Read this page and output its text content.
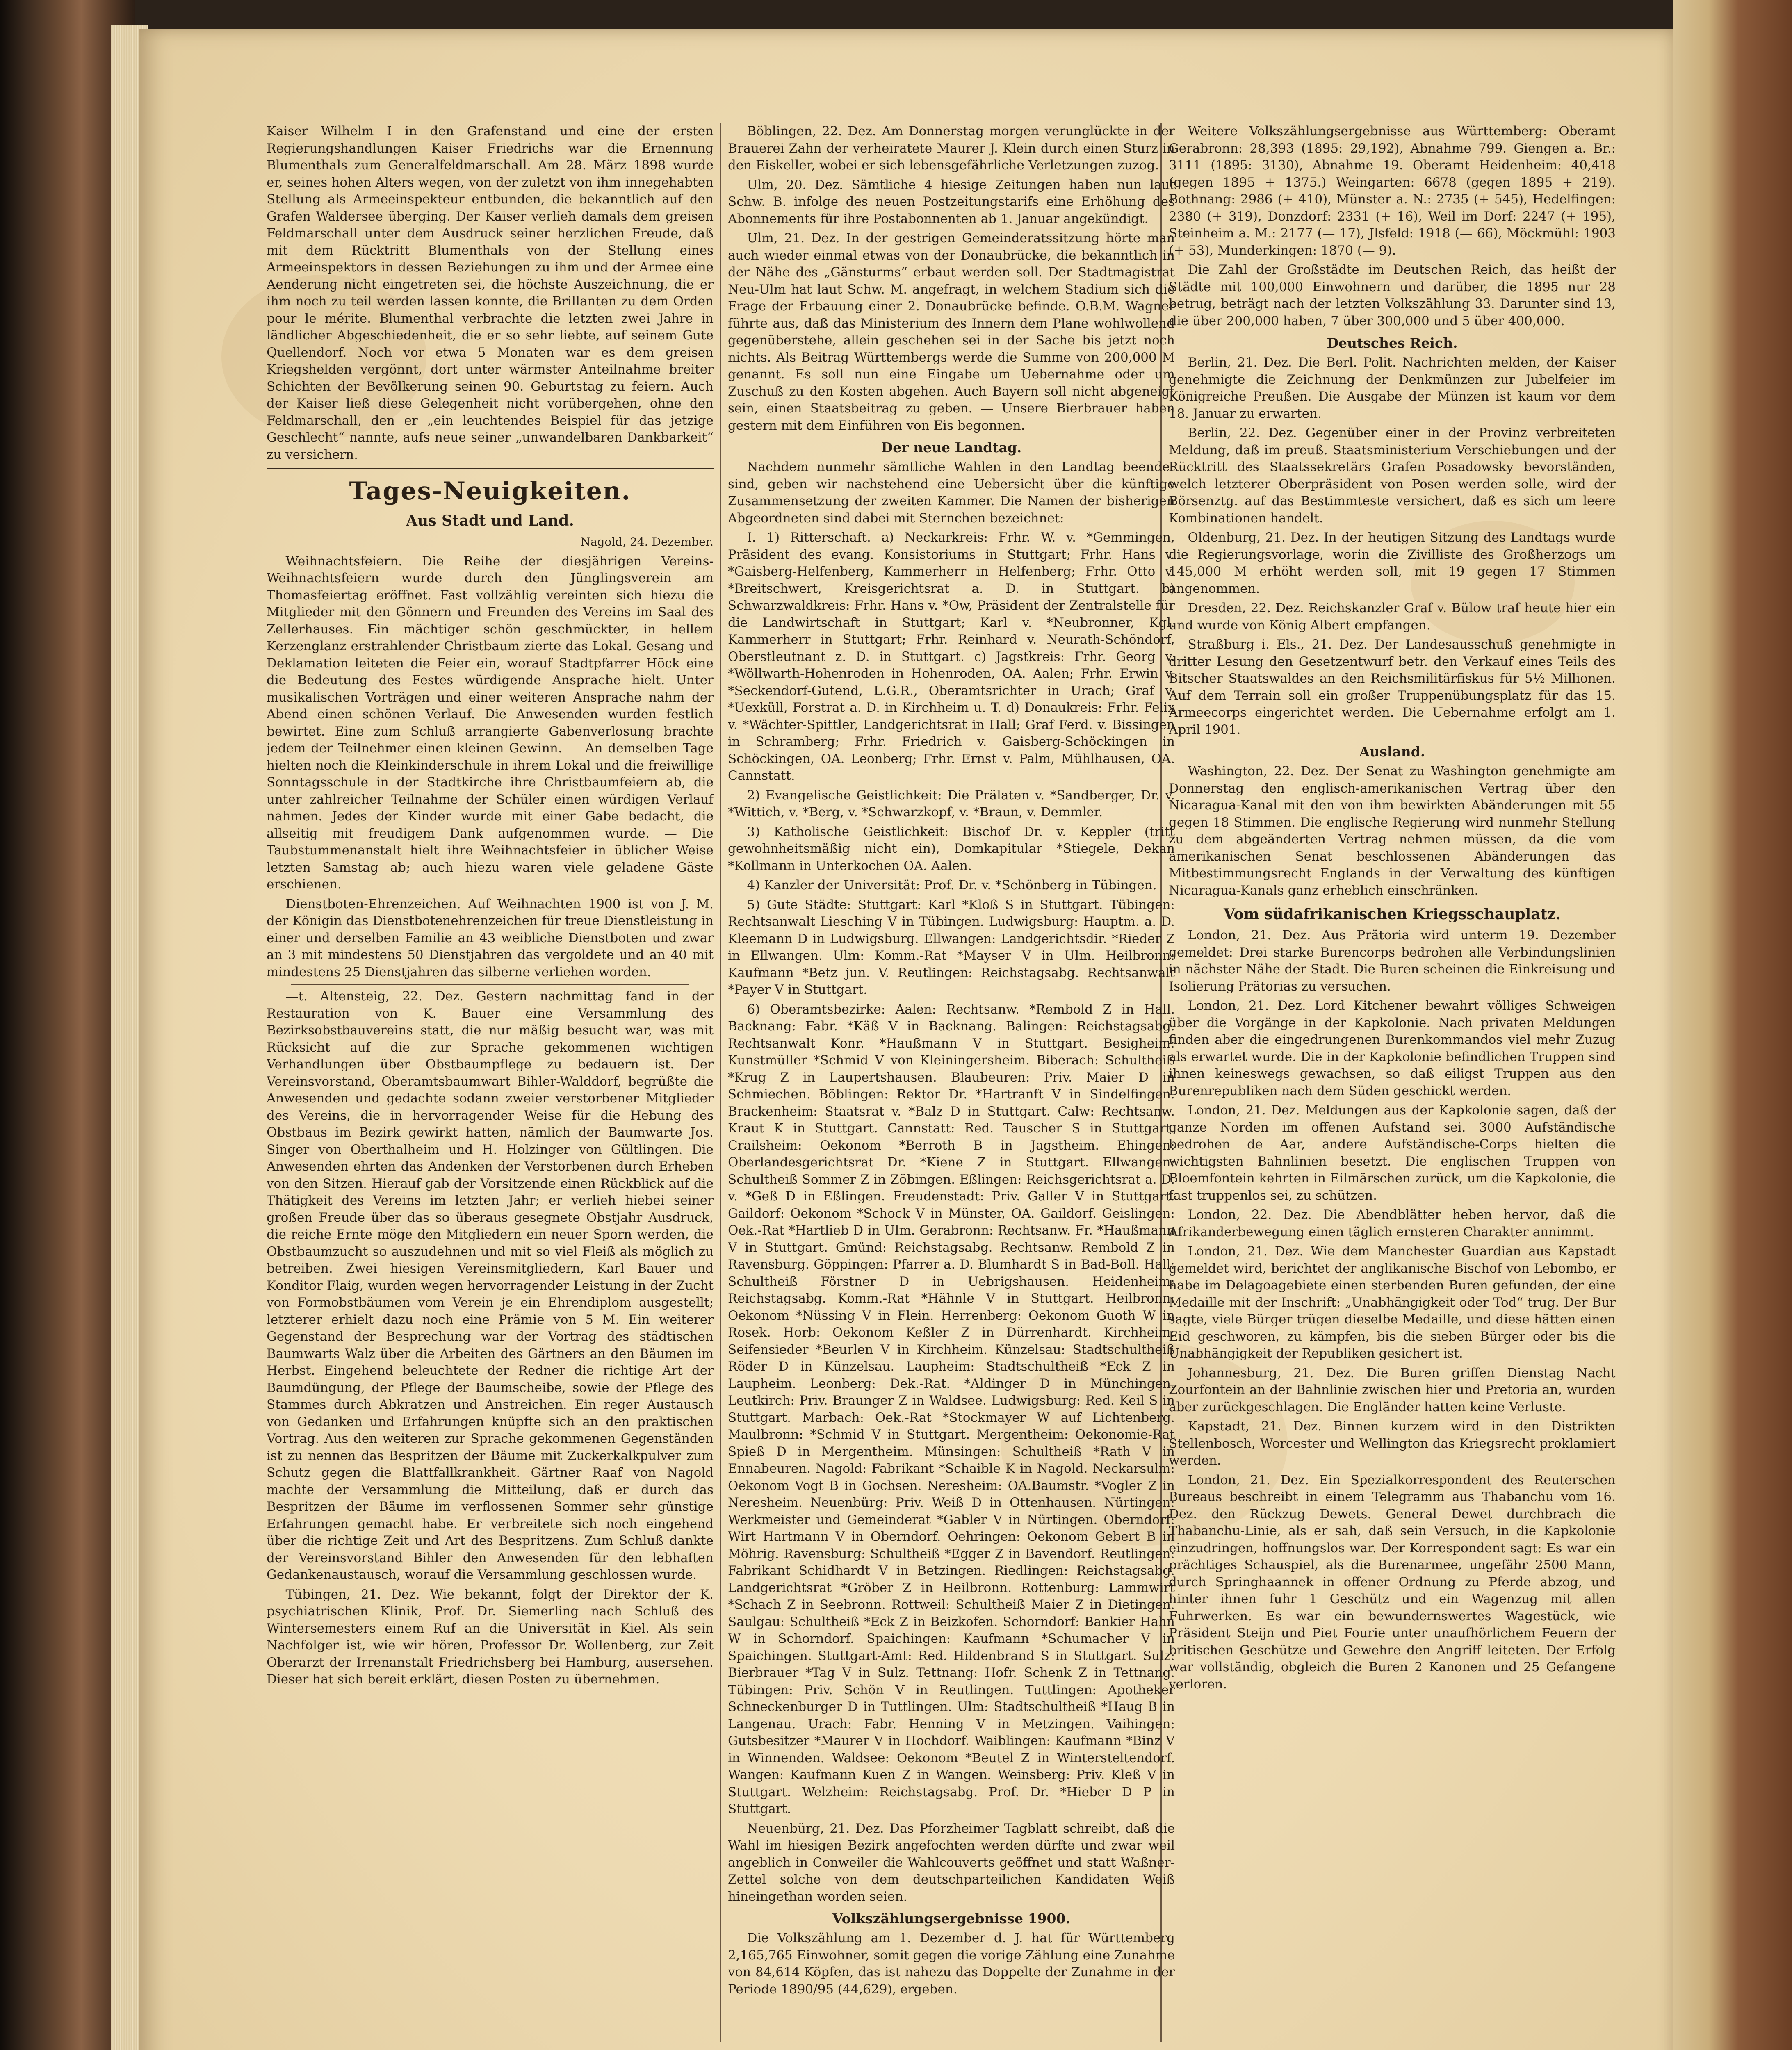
Kaiser Wilhelm I in den Grafenstand und eine der ersten Regierungshandlungen Kaiser Friedrichs war die Ernennung Blumenthals zum Generalfeldmarschall. Am 28. März 1898 wurde er, seines hohen Alters wegen, von der zuletzt von ihm innegehabten Stellung als Armeeinspekteur entbunden, die bekanntlich auf den Grafen Waldersee überging. Der Kaiser verlieh damals dem greisen Feldmarschall unter dem Ausdruck seiner herzlichen Freude, daß mit dem Rücktritt Blumenthals von der Stellung eines Armeeinspektors in dessen Beziehungen zu ihm und der Armee eine Aenderung nicht eingetreten sei, die höchste Auszeichnung, die er ihm noch zu teil werden lassen konnte, die Brillanten zu dem Orden pour le mérite. Blumenthal verbrachte die letzten zwei Jahre in ländlicher Abgeschiedenheit, die er so sehr liebte, auf seinem Gute Quellendorf. Noch vor etwa 5 Monaten war es dem greisen Kriegshelden vergönnt, dort unter wärmster Anteilnahme breiter Schichten der Bevölkerung seinen 90. Geburtstag zu feiern. Auch der Kaiser ließ diese Gelegenheit nicht vorübergehen, ohne den Feldmarschall, den er „ein leuchtendes Beispiel für das jetzige Geschlecht“ nannte, aufs neue seiner „unwandelbaren Dankbarkeit“ zu versichern.

Tages-Neuigkeiten.
Aus Stadt und Land.
Nagold, 24. Dezember.

Weihnachtsfeiern. Die Reihe der diesjährigen Vereins-Weihnachtsfeiern wurde durch den Jünglingsverein am Thomasfeiertag eröffnet. Fast vollzählig vereinten sich hiezu die Mitglieder mit den Gönnern und Freunden des Vereins im Saal des Zellerhauses. Ein mächtiger schön geschmückter, in hellem Kerzenglanz erstrahlender Christbaum zierte das Lokal. Gesang und Deklamation leiteten die Feier ein, worauf Stadtpfarrer Höck eine die Bedeutung des Festes würdigende Ansprache hielt. Unter musikalischen Vorträgen und einer weiteren Ansprache nahm der Abend einen schönen Verlauf. Die Anwesenden wurden festlich bewirtet. Eine zum Schluß arrangierte Gabenverlosung brachte jedem der Teilnehmer einen kleinen Gewinn. — An demselben Tage hielten noch die Kleinkinderschule in ihrem Lokal und die freiwillige Sonntagsschule in der Stadtkirche ihre Christbaumfeiern ab, die unter zahlreicher Teilnahme der Schüler einen würdigen Verlauf nahmen. Jedes der Kinder wurde mit einer Gabe bedacht, die allseitig mit freudigem Dank aufgenommen wurde. — Die Taubstummenanstalt hielt ihre Weihnachtsfeier in üblicher Weise letzten Samstag ab; auch hiezu waren viele geladene Gäste erschienen.

Dienstboten-Ehrenzeichen. Auf Weihnachten 1900 ist von J. M. der Königin das Dienstbotenehrenzeichen für treue Dienstleistung in einer und derselben Familie an 43 weibliche Dienstboten und zwar an 3 mit mindestens 50 Dienstjahren das vergoldete und an 40 mit mindestens 25 Dienstjahren das silberne verliehen worden.

—t. Altensteig, 22. Dez. Gestern nachmittag fand in der Restauration von K. Bauer eine Versammlung des Bezirksobstbauvereins statt, die nur mäßig besucht war, was mit Rücksicht auf die zur Sprache gekommenen wichtigen Verhandlungen über Obstbaumpflege zu bedauern ist. Der Vereinsvorstand, Oberamtsbaumwart Bihler-Walddorf, begrüßte die Anwesenden und gedachte sodann zweier verstorbener Mitglieder des Vereins, die in hervorragender Weise für die Hebung des Obstbaus im Bezirk gewirkt hatten, nämlich der Baumwarte Jos. Singer von Oberthalheim und H. Holzinger von Gültlingen. Die Anwesenden ehrten das Andenken der Verstorbenen durch Erheben von den Sitzen. Hierauf gab der Vorsitzende einen Rückblick auf die Thätigkeit des Vereins im letzten Jahr; er verlieh hiebei seiner großen Freude über das so überaus gesegnete Obstjahr Ausdruck, die reiche Ernte möge den Mitgliedern ein neuer Sporn werden, die Obstbaumzucht so auszudehnen und mit so viel Fleiß als möglich zu betreiben. Zwei hiesigen Vereinsmitgliedern, Karl Bauer und Konditor Flaig, wurden wegen hervorragender Leistung in der Zucht von Formobstbäumen vom Verein je ein Ehrendiplom ausgestellt; letzterer erhielt dazu noch eine Prämie von 5 M. Ein weiterer Gegenstand der Besprechung war der Vortrag des städtischen Baumwarts Walz über die Arbeiten des Gärtners an den Bäumen im Herbst. Eingehend beleuchtete der Redner die richtige Art der Baumdüngung, der Pflege der Baumscheibe, sowie der Pflege des Stammes durch Abkratzen und Anstreichen. Ein reger Austausch von Gedanken und Erfahrungen knüpfte sich an den praktischen Vortrag. Aus den weiteren zur Sprache gekommenen Gegenständen ist zu nennen das Bespritzen der Bäume mit Zuckerkalkpulver zum Schutz gegen die Blattfallkrankheit. Gärtner Raaf von Nagold machte der Versammlung die Mitteilung, daß er durch das Bespritzen der Bäume im verflossenen Sommer sehr günstige Erfahrungen gemacht habe. Er verbreitete sich noch eingehend über die richtige Zeit und Art des Bespritzens. Zum Schluß dankte der Vereinsvorstand Bihler den Anwesenden für den lebhaften Gedankenaustausch, worauf die Versammlung geschlossen wurde.

Tübingen, 21. Dez. Wie bekannt, folgt der Direktor der K. psychiatrischen Klinik, Prof. Dr. Siemerling nach Schluß des Wintersemesters einem Ruf an die Universität in Kiel. Als sein Nachfolger ist, wie wir hören, Professor Dr. Wollenberg, zur Zeit Oberarzt der Irrenanstalt Friedrichsberg bei Hamburg, ausersehen. Dieser hat sich bereit erklärt, diesen Posten zu übernehmen.

Böblingen, 22. Dez. Am Donnerstag morgen verunglückte in der Brauerei Zahn der verheiratete Maurer J. Klein durch einen Sturz in den Eiskeller, wobei er sich lebensgefährliche Verletzungen zuzog.

Ulm, 20. Dez. Sämtliche 4 hiesige Zeitungen haben nun laut Schw. B. infolge des neuen Postzeitungstarifs eine Erhöhung des Abonnements für ihre Postabonnenten ab 1. Januar angekündigt.

Ulm, 21. Dez. In der gestrigen Gemeinderatssitzung hörte man auch wieder einmal etwas von der Donaubrücke, die bekanntlich in der Nähe des „Gänsturms“ erbaut werden soll. Der Stadtmagistrat Neu-Ulm hat laut Schw. M. angefragt, in welchem Stadium sich die Frage der Erbauung einer 2. Donaubrücke befinde. O.B.M. Wagner führte aus, daß das Ministerium des Innern dem Plane wohlwollend gegenüberstehe, allein geschehen sei in der Sache bis jetzt noch nichts. Als Beitrag Württembergs werde die Summe von 200,000 M genannt. Es soll nun eine Eingabe um Uebernahme oder um Zuschuß zu den Kosten abgehen. Auch Bayern soll nicht abgeneigt sein, einen Staatsbeitrag zu geben. — Unsere Bierbrauer haben gestern mit dem Einführen von Eis begonnen.

Der neue Landtag.

Nachdem nunmehr sämtliche Wahlen in den Landtag beendet sind, geben wir nachstehend eine Uebersicht über die künftige Zusammensetzung der zweiten Kammer. Die Namen der bisherigen Abgeordneten sind dabei mit Sternchen bezeichnet:

I. 1) Ritterschaft. a) Neckarkreis: Frhr. W. v. *Gemmingen, Präsident des evang. Konsistoriums in Stuttgart; Frhr. Hans v. *Gaisberg-Helfenberg, Kammerherr in Helfenberg; Frhr. Otto v. *Breitschwert, Kreisgerichtsrat a. D. in Stuttgart. b) Schwarzwaldkreis: Frhr. Hans v. *Ow, Präsident der Zentralstelle für die Landwirtschaft in Stuttgart; Karl v. *Neubronner, Kgl. Kammerherr in Stuttgart; Frhr. Reinhard v. Neurath-Schöndorf, Oberstleutnant z. D. in Stuttgart. c) Jagstkreis: Frhr. Georg v. *Wöllwarth-Hohenroden in Hohenroden, OA. Aalen; Frhr. Erwin v. *Seckendorf-Gutend, L.G.R., Oberamtsrichter in Urach; Graf v. *Uexküll, Forstrat a. D. in Kirchheim u. T. d) Donaukreis: Frhr. Felix v. *Wächter-Spittler, Landgerichtsrat in Hall; Graf Ferd. v. Bissingen in Schramberg; Frhr. Friedrich v. Gaisberg-Schöckingen in Schöckingen, OA. Leonberg; Frhr. Ernst v. Palm, Mühlhausen, OA. Cannstatt.

2) Evangelische Geistlichkeit: Die Prälaten v. *Sandberger, Dr. v. *Wittich, v. *Berg, v. *Schwarzkopf, v. *Braun, v. Demmler.

3) Katholische Geistlichkeit: Bischof Dr. v. Keppler (tritt gewohnheitsmäßig nicht ein), Domkapitular *Stiegele, Dekan *Kollmann in Unterkochen OA. Aalen.

4) Kanzler der Universität: Prof. Dr. v. *Schönberg in Tübingen.

5) Gute Städte: Stuttgart: Karl *Kloß S in Stuttgart. Tübingen: Rechtsanwalt Liesching V in Tübingen. Ludwigsburg: Hauptm. a. D. Kleemann D in Ludwigsburg. Ellwangen: Landgerichtsdir. *Rieder Z in Ellwangen. Ulm: Komm.-Rat *Mayser V in Ulm. Heilbronn: Kaufmann *Betz jun. V. Reutlingen: Reichstagsabg. Rechtsanwalt *Payer V in Stuttgart.

6) Oberamtsbezirke: Aalen: Rechtsanw. *Rembold Z in Hall. Backnang: Fabr. *Käß V in Backnang. Balingen: Reichstagsabg. Rechtsanwalt Konr. *Haußmann V in Stuttgart. Besigheim: Kunstmüller *Schmid V von Kleiningersheim. Biberach: Schultheiß *Krug Z in Laupertshausen. Blaubeuren: Priv. Maier D in Schmiechen. Böblingen: Rektor Dr. *Hartranft V in Sindelfingen. Brackenheim: Staatsrat v. *Balz D in Stuttgart. Calw: Rechtsanw. Kraut K in Stuttgart. Cannstatt: Red. Tauscher S in Stuttgart. Crailsheim: Oekonom *Berroth B in Jagstheim. Ehingen: Oberlandesgerichtsrat Dr. *Kiene Z in Stuttgart. Ellwangen: Schultheiß Sommer Z in Zöbingen. Eßlingen: Reichsgerichtsrat a. D. v. *Geß D in Eßlingen. Freudenstadt: Priv. Galler V in Stuttgart. Gaildorf: Oekonom *Schock V in Münster, OA. Gaildorf. Geislingen: Oek.-Rat *Hartlieb D in Ulm. Gerabronn: Rechtsanw. Fr. *Haußmann V in Stuttgart. Gmünd: Reichstagsabg. Rechtsanw. Rembold Z in Ravensburg. Göppingen: Pfarrer a. D. Blumhardt S in Bad-Boll. Hall: Schultheiß Förstner D in Uebrigshausen. Heidenheim: Reichstagsabg. Komm.-Rat *Hähnle V in Stuttgart. Heilbronn: Oekonom *Nüssing V in Flein. Herrenberg: Oekonom Guoth W in Rosek. Horb: Oekonom Keßler Z in Dürrenhardt. Kirchheim: Seifensieder *Beurlen V in Kirchheim. Künzelsau: Stadtschultheiß Röder D in Künzelsau. Laupheim: Stadtschultheiß *Eck Z in Laupheim. Leonberg: Dek.-Rat. *Aldinger D in Münchingen. Leutkirch: Priv. Braunger Z in Waldsee. Ludwigsburg: Red. Keil S in Stuttgart. Marbach: Oek.-Rat *Stockmayer W auf Lichtenberg. Maulbronn: *Schmid V in Stuttgart. Mergentheim: Oekonomie-Rat Spieß D in Mergentheim. Münsingen: Schultheiß *Rath V in Ennabeuren. Nagold: Fabrikant *Schaible K in Nagold. Neckarsulm: Oekonom Vogt B in Gochsen. Neresheim: OA.Baumstr. *Vogler Z in Neresheim. Neuenbürg: Priv. Weiß D in Ottenhausen. Nürtingen: Werkmeister und Gemeinderat *Gabler V in Nürtingen. Oberndorf: Wirt Hartmann V in Oberndorf. Oehringen: Oekonom Gebert B in Möhrig. Ravensburg: Schultheiß *Egger Z in Bavendorf. Reutlingen: Fabrikant Schidhardt V in Betzingen. Riedlingen: Reichstagsabg. Landgerichtsrat *Gröber Z in Heilbronn. Rottenburg: Lammwirt *Schach Z in Seebronn. Rottweil: Schultheiß Maier Z in Dietingen. Saulgau: Schultheiß *Eck Z in Beizkofen. Schorndorf: Bankier Hahn W in Schorndorf. Spaichingen: Kaufmann *Schumacher V in Spaichingen. Stuttgart-Amt: Red. Hildenbrand S in Stuttgart. Sulz: Bierbrauer *Tag V in Sulz. Tettnang: Hofr. Schenk Z in Tettnang. Tübingen: Priv. Schön V in Reutlingen. Tuttlingen: Apotheker Schneckenburger D in Tuttlingen. Ulm: Stadtschultheiß *Haug B in Langenau. Urach: Fabr. Henning V in Metzingen. Vaihingen: Gutsbesitzer *Maurer V in Hochdorf. Waiblingen: Kaufmann *Binz V in Winnenden. Waldsee: Oekonom *Beutel Z in Wintersteltendorf. Wangen: Kaufmann Kuen Z in Wangen. Weinsberg: Priv. Kleß V in Stuttgart. Welzheim: Reichstagsabg. Prof. Dr. *Hieber D P in Stuttgart.

Neuenbürg, 21. Dez. Das Pforzheimer Tagblatt schreibt, daß die Wahl im hiesigen Bezirk angefochten werden dürfte und zwar weil angeblich in Conweiler die Wahlcouverts geöffnet und statt Waßner-Zettel solche von dem deutschparteilichen Kandidaten Weiß hineingethan worden seien.

Volkszählungsergebnisse 1900.

Die Volkszählung am 1. Dezember d. J. hat für Württemberg 2,165,765 Einwohner, somit gegen die vorige Zählung eine Zunahme von 84,614 Köpfen, das ist nahezu das Doppelte der Zunahme in der Periode 1890/95 (44,629), ergeben.

Weitere Volkszählungsergebnisse aus Württemberg: Oberamt Gerabronn: 28,393 (1895: 29,192), Abnahme 799. Giengen a. Br.: 3111 (1895: 3130), Abnahme 19. Oberamt Heidenheim: 40,418 (gegen 1895 + 1375.) Weingarten: 6678 (gegen 1895 + 219). Bothnang: 2986 (+ 410), Münster a. N.: 2735 (+ 545), Hedelfingen: 2380 (+ 319), Donzdorf: 2331 (+ 16), Weil im Dorf: 2247 (+ 195), Steinheim a. M.: 2177 (— 17), Jlsfeld: 1918 (— 66), Möckmühl: 1903 (+ 53), Munderkingen: 1870 (— 9).

Die Zahl der Großstädte im Deutschen Reich, das heißt der Städte mit 100,000 Einwohnern und darüber, die 1895 nur 28 betrug, beträgt nach der letzten Volkszählung 33. Darunter sind 13, die über 200,000 haben, 7 über 300,000 und 5 über 400,000.

Deutsches Reich.

Berlin, 21. Dez. Die Berl. Polit. Nachrichten melden, der Kaiser genehmigte die Zeichnung der Denkmünzen zur Jubelfeier im Königreiche Preußen. Die Ausgabe der Münzen ist kaum vor dem 18. Januar zu erwarten.

Berlin, 22. Dez. Gegenüber einer in der Provinz verbreiteten Meldung, daß im preuß. Staatsministerium Verschiebungen und der Rücktritt des Staatssekretärs Grafen Posadowsky bevorständen, welch letzterer Oberpräsident von Posen werden solle, wird der Börsenztg. auf das Bestimmteste versichert, daß es sich um leere Kombinationen handelt.

Oldenburg, 21. Dez. In der heutigen Sitzung des Landtags wurde die Regierungsvorlage, worin die Zivilliste des Großherzogs um 145,000 M erhöht werden soll, mit 19 gegen 17 Stimmen angenommen.

Dresden, 22. Dez. Reichskanzler Graf v. Bülow traf heute hier ein und wurde von König Albert empfangen.

Straßburg i. Els., 21. Dez. Der Landesausschuß genehmigte in dritter Lesung den Gesetzentwurf betr. den Verkauf eines Teils des Bitscher Staatswaldes an den Reichsmilitärfiskus für 5½ Millionen. Auf dem Terrain soll ein großer Truppenübungsplatz für das 15. Armeecorps eingerichtet werden. Die Uebernahme erfolgt am 1. April 1901.

Ausland.

Washington, 22. Dez. Der Senat zu Washington genehmigte am Donnerstag den englisch-amerikanischen Vertrag über den Nicaragua-Kanal mit den von ihm bewirkten Abänderungen mit 55 gegen 18 Stimmen. Die englische Regierung wird nunmehr Stellung zu dem abgeänderten Vertrag nehmen müssen, da die vom amerikanischen Senat beschlossenen Abänderungen das Mitbestimmungsrecht Englands in der Verwaltung des künftigen Nicaragua-Kanals ganz erheblich einschränken.

Vom südafrikanischen Kriegsschauplatz.

London, 21. Dez. Aus Prätoria wird unterm 19. Dezember gemeldet: Drei starke Burencorps bedrohen alle Verbindungslinien in nächster Nähe der Stadt. Die Buren scheinen die Einkreisung und Isolierung Prätorias zu versuchen.

London, 21. Dez. Lord Kitchener bewahrt völliges Schweigen über die Vorgänge in der Kapkolonie. Nach privaten Meldungen finden aber die eingedrungenen Burenkommandos viel mehr Zuzug als erwartet wurde. Die in der Kapkolonie befindlichen Truppen sind ihnen keineswegs gewachsen, so daß eiligst Truppen aus den Burenrepubliken nach dem Süden geschickt werden.

London, 21. Dez. Meldungen aus der Kapkolonie sagen, daß der ganze Norden im offenen Aufstand sei. 3000 Aufständische bedrohen de Aar, andere Aufständische-Corps hielten die wichtigsten Bahnlinien besetzt. Die englischen Truppen von Bloemfontein kehrten in Eilmärschen zurück, um die Kapkolonie, die fast truppenlos sei, zu schützen.

London, 22. Dez. Die Abendblätter heben hervor, daß die Afrikanderbewegung einen täglich ernsteren Charakter annimmt.

London, 21. Dez. Wie dem Manchester Guardian aus Kapstadt gemeldet wird, berichtet der anglikanische Bischof von Lebombo, er habe im Delagoagebiete einen sterbenden Buren gefunden, der eine Medaille mit der Inschrift: „Unabhängigkeit oder Tod“ trug. Der Bur sagte, viele Bürger trügen dieselbe Medaille, und diese hätten einen Eid geschworen, zu kämpfen, bis die sieben Bürger oder bis die Unabhängigkeit der Republiken gesichert ist.

Johannesburg, 21. Dez. Die Buren griffen Dienstag Nacht Zourfontein an der Bahnlinie zwischen hier und Pretoria an, wurden aber zurückgeschlagen. Die Engländer hatten keine Verluste.

Kapstadt, 21. Dez. Binnen kurzem wird in den Distrikten Stellenbosch, Worcester und Wellington das Kriegsrecht proklamiert werden.

London, 21. Dez. Ein Spezialkorrespondent des Reuterschen Bureaus beschreibt in einem Telegramm aus Thabanchu vom 16. Dez. den Rückzug Dewets. General Dewet durchbrach die Thabanchu-Linie, als er sah, daß sein Versuch, in die Kapkolonie einzudringen, hoffnungslos war. Der Korrespondent sagt: Es war ein prächtiges Schauspiel, als die Burenarmee, ungefähr 2500 Mann, durch Springhaannek in offener Ordnung zu Pferde abzog, und hinter ihnen fuhr 1 Geschütz und ein Wagenzug mit allen Fuhrwerken. Es war ein bewundernswertes Wagestück, wie Präsident Steijn und Piet Fourie unter unaufhörlichem Feuern der britischen Geschütze und Gewehre den Angriff leiteten. Der Erfolg war vollständig, obgleich die Buren 2 Kanonen und 25 Gefangene verloren.
